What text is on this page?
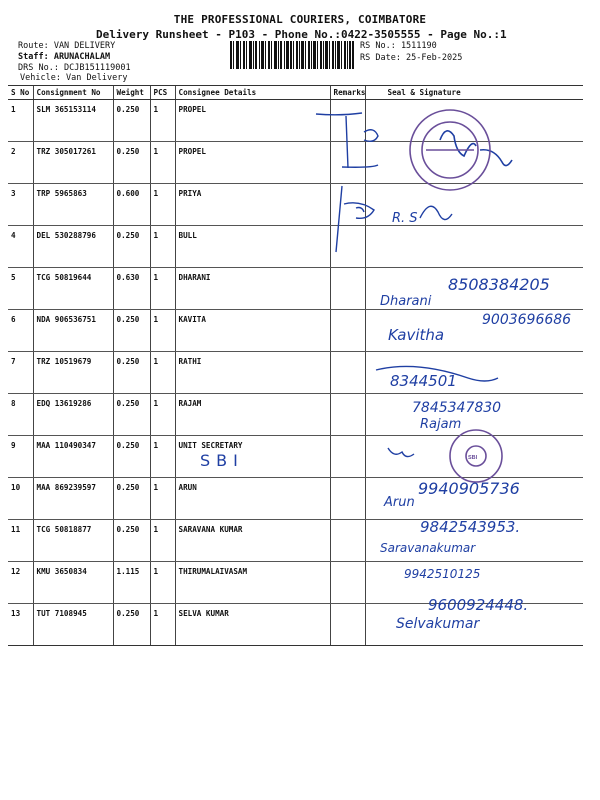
THE PROFESSIONAL COURIERS, COIMBATORE
Delivery Runsheet - P103 - Phone No.:0422-3505555 - Page No.:1
Route: VAN DELIVERY
Staff: ARUNACHALAM
DRS No.: DCJB151119001
Vehicle: Van Delivery
RS No.: 1511190
RS Date: 25-Feb-2025
S No	Consignment No	Weight	PCS	Consignee Details	Remarks	Seal & Signature
1	SLM 365153114	0.250	1	PROPEL		
2	TRZ 305017261	0.250	1	PROPEL		
3	TRP 5965863	0.600	1	PRIYA		
4	DEL 530288796	0.250	1	BULL		
5	TCG 50819644	0.630	1	DHARANI		
6	NDA 906536751	0.250	1	KAVITA		
7	TRZ 10519679	0.250	1	RATHI		
8	EDQ 13619286	0.250	1	RAJAM		
9	MAA 110490347	0.250	1	UNIT SECRETARY		
10	MAA 869239597	0.250	1	ARUN		
11	TCG 50818877	0.250	1	SARAVANA KUMAR		
12	KMU 3650834	1.115	1	THIRUMALAIVASAM		
13	TUT 7108945	0.250	1	SELVA KUMAR		
R. S
SBI	SBI
8508384205
Dharani
9003696686
Kavitha
8344501
7845347830
Rajam
9940905736
Arun
9842543953.
Saravanakumar
9942510125
9600924448.
Selvakumar
